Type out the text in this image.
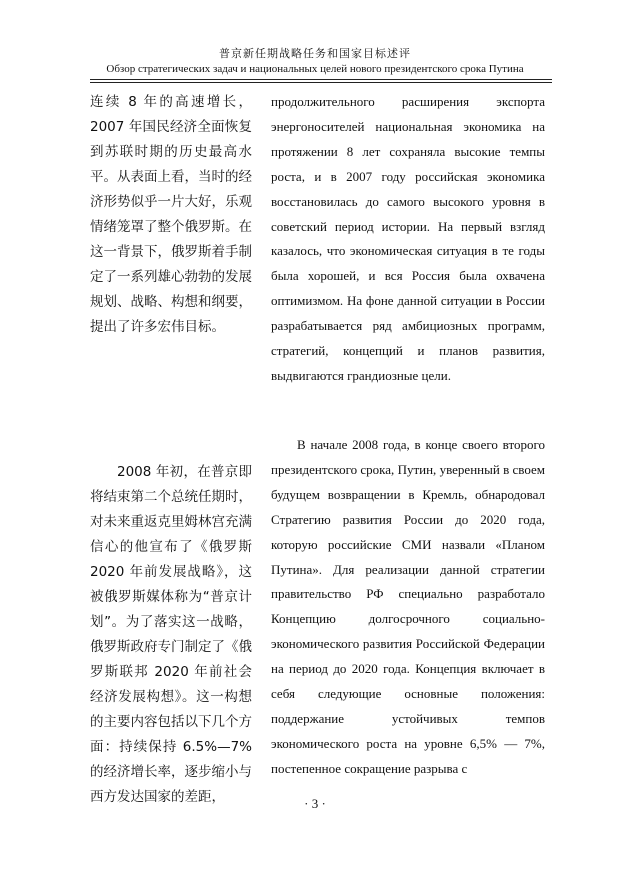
普京新任期战略任务和国家目标述评
Обзор стратегических задач и национальных целей нового президентского срока Путина

连续 8 年的高速增长，2007 年国民经济全面恢复到苏联时期的历史最高水平。从表面上看，当时的经济形势似乎一片大好，乐观情绪笼罩了整个俄罗斯。在这一背景下，俄罗斯着手制定了一系列雄心勃勃的发展规划、战略、构想和纲要，提出了许多宏伟目标。

2008 年初，在普京即将结束第二个总统任期时，对未来重返克里姆林宫充满信心的他宣布了《俄罗斯 2020 年前发展战略》，这被俄罗斯媒体称为“普京计划”。为了落实这一战略，俄罗斯政府专门制定了《俄罗斯联邦 2020 年前社会经济发展构想》。这一构想的主要内容包括以下几个方面：持续保持 6.5%—7% 的经济增长率，逐步缩小与西方发达国家的差距，

продолжительного расширения экспорта энергоносителей национальная экономика на протяжении 8 лет сохраняла высокие темпы роста, и в 2007 году российская экономика восстановилась до самого высокого уровня в советский период истории. На первый взгляд казалось, что экономическая ситуация в те годы была хорошей, и вся Россия была охвачена оптимизмом. На фоне данной ситуации в России разрабатывается ряд амбициозных программ, стратегий, концепций и планов развития, выдвигаются грандиозные цели.

В начале 2008 года, в конце своего второго президентского срока, Путин, уверенный в своем будущем возвращении в Кремль, обнародовал Стратегию развития России до 2020 года, которую российские СМИ назвали «Планом Путина». Для реализации данной стратегии правительство РФ специально разработало Концепцию долгосрочного социально-экономического развития Российской Федерации на период до 2020 года. Концепция включает в себя следующие основные положения: поддержание устойчивых темпов экономического роста на уровне 6,5% — 7%, постепенное сокращение разрыва с

· 3 ·
